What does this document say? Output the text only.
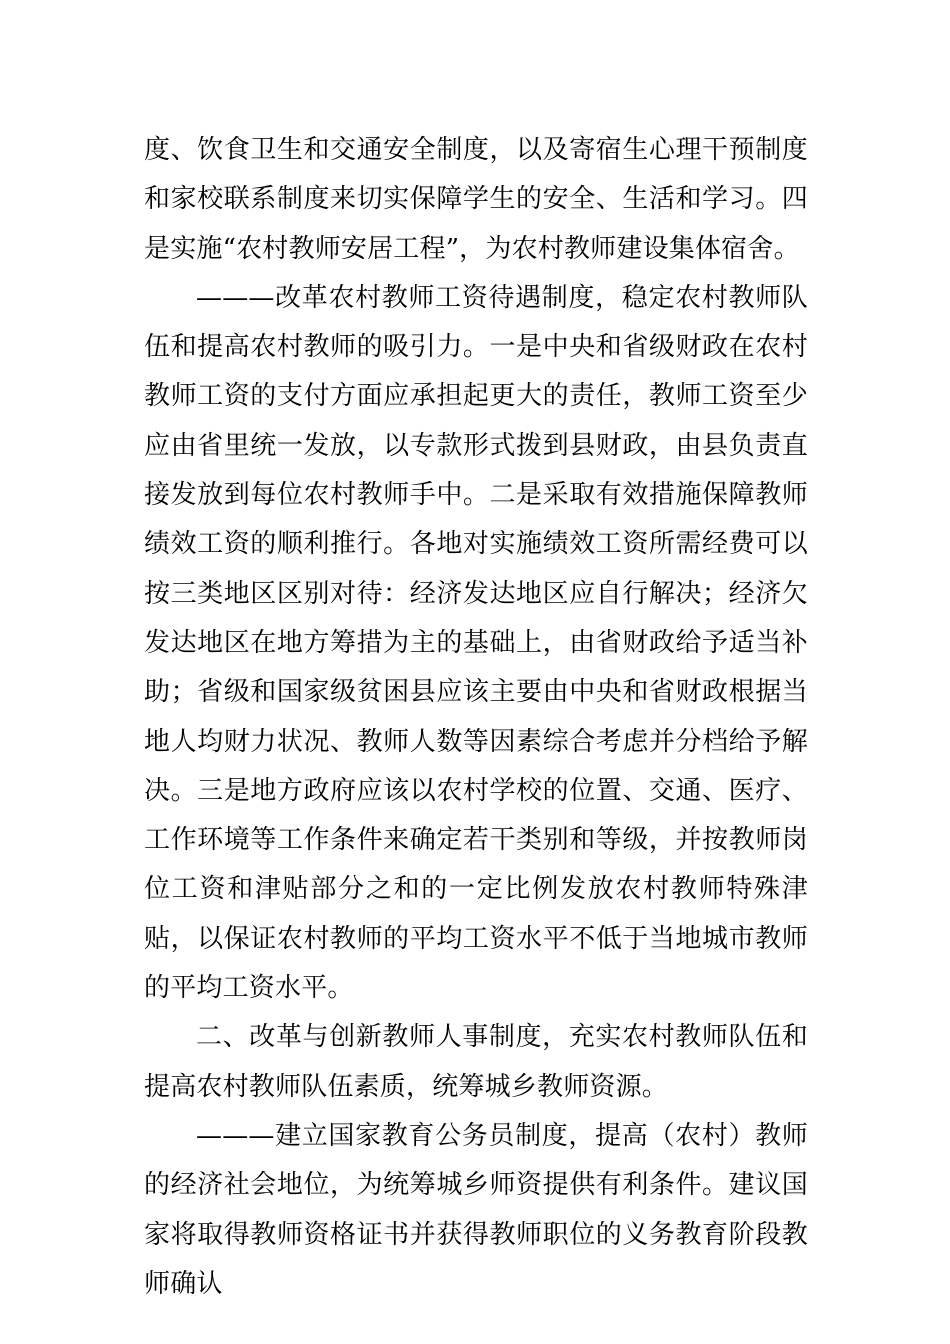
度、饮食卫生和交通安全制度，以及寄宿生心理干预制度和家校联系制度来切实保障学生的安全、生活和学习。四是实施“农村教师安居工程”，为农村教师建设集体宿舍。

———改革农村教师工资待遇制度，稳定农村教师队伍和提高农村教师的吸引力。一是中央和省级财政在农村教师工资的支付方面应承担起更大的责任，教师工资至少应由省里统一发放，以专款形式拨到县财政，由县负责直接发放到每位农村教师手中。二是采取有效措施保障教师绩效工资的顺利推行。各地对实施绩效工资所需经费可以按三类地区区别对待：经济发达地区应自行解决；经济欠发达地区在地方筹措为主的基础上，由省财政给予适当补助；省级和国家级贫困县应该主要由中央和省财政根据当地人均财力状况、教师人数等因素综合考虑并分档给予解决。三是地方政府应该以农村学校的位置、交通、医疗、工作环境等工作条件来确定若干类别和等级，并按教师岗位工资和津贴部分之和的一定比例发放农村教师特殊津贴，以保证农村教师的平均工资水平不低于当地城市教师的平均工资水平。

二、改革与创新教师人事制度，充实农村教师队伍和提高农村教师队伍素质，统筹城乡教师资源。

———建立国家教育公务员制度，提高（农村）教师的经济社会地位，为统筹城乡师资提供有利条件。建议国家将取得教师资格证书并获得教师职位的义务教育阶段教师确认
